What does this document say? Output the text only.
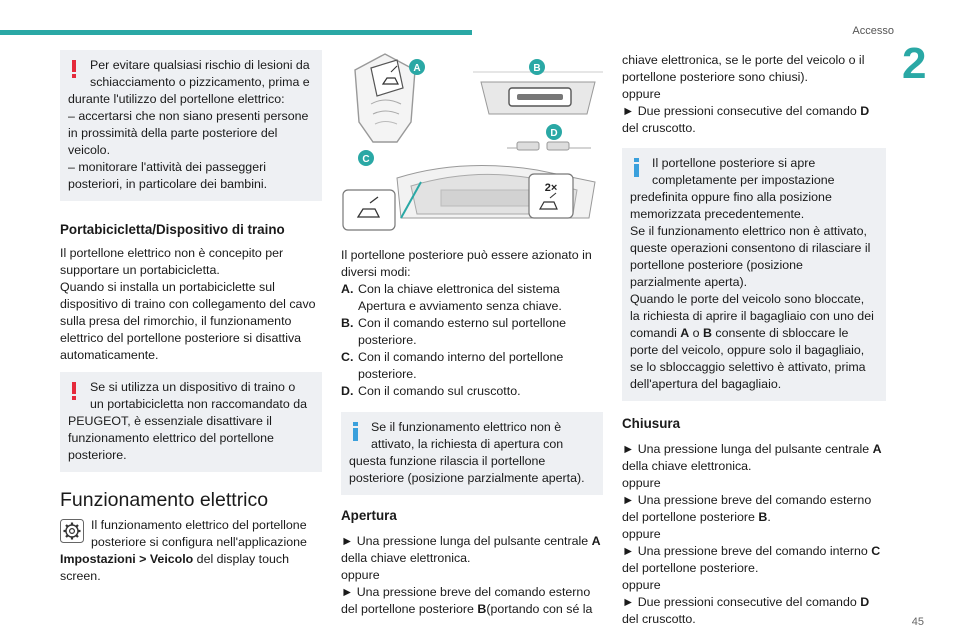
Accesso
2
45

Per evitare qualsiasi rischio di lesioni da schiacciamento o pizzicamento, prima e

durante l'utilizzo del portellone elettrico:

– accertarsi che non siano presenti persone in prossimità della parte posteriore del veicolo.

– monitorare l'attività dei passeggeri posteriori, in particolare dei bambini.

Portabicicletta/Dispositivo di traino

Il portellone elettrico non è concepito per supportare un portabicicletta.

Quando si installa un portabiciclette sul dispositivo di traino con collegamento del cavo sulla presa del rimorchio, il funzionamento elettrico del portellone posteriore si disattiva automaticamente.

Se si utilizza un dispositivo di traino o un portabicicletta non raccomandato da

PEUGEOT, è essenziale disattivare il funzionamento elettrico del portellone posteriore.

Funzionamento elettrico

Il funzionamento elettrico del portellone posteriore si configura nell'applicazione

Impostazioni > Veicolo del display touch screen.

A	B
D
C
2×

Il portellone posteriore può essere azionato in diversi modi:

A. Con la chiave elettronica del sistema Apertura e avviamento senza chiave.
B. Con il comando esterno sul portellone posteriore.
C. Con il comando interno del portellone posteriore.
D. Con il comando sul cruscotto.

Se il funzionamento elettrico non è attivato, la richiesta di apertura con

questa funzione rilascia il portellone posteriore (posizione parzialmente aperta).

Apertura

► Una pressione lunga del pulsante centrale A della chiave elettronica.

oppure

► Una pressione breve del comando esterno del portellone posteriore B(portando con sé la

chiave elettronica, se le porte del veicolo o il portellone posteriore sono chiusi).

oppure

► Due pressioni consecutive del comando D del cruscotto.

Il portellone posteriore si apre completamente per impostazione

predefinita oppure fino alla posizione memorizzata precedentemente.

Se il funzionamento elettrico non è attivato, queste operazioni consentono di rilasciare il portellone posteriore (posizione parzialmente aperta).

Quando le porte del veicolo sono bloccate, la richiesta di aprire il bagagliaio con uno dei comandi A o B consente di sbloccare le porte del veicolo, oppure solo il bagagliaio, se lo sbloccaggio selettivo è attivato, prima dell'apertura del bagagliaio.

Chiusura

► Una pressione lunga del pulsante centrale A della chiave elettronica.

oppure

► Una pressione breve del comando esterno del portellone posteriore B.

oppure

► Una pressione breve del comando interno C del portellone posteriore.

oppure

► Due pressioni consecutive del comando D del cruscotto.
